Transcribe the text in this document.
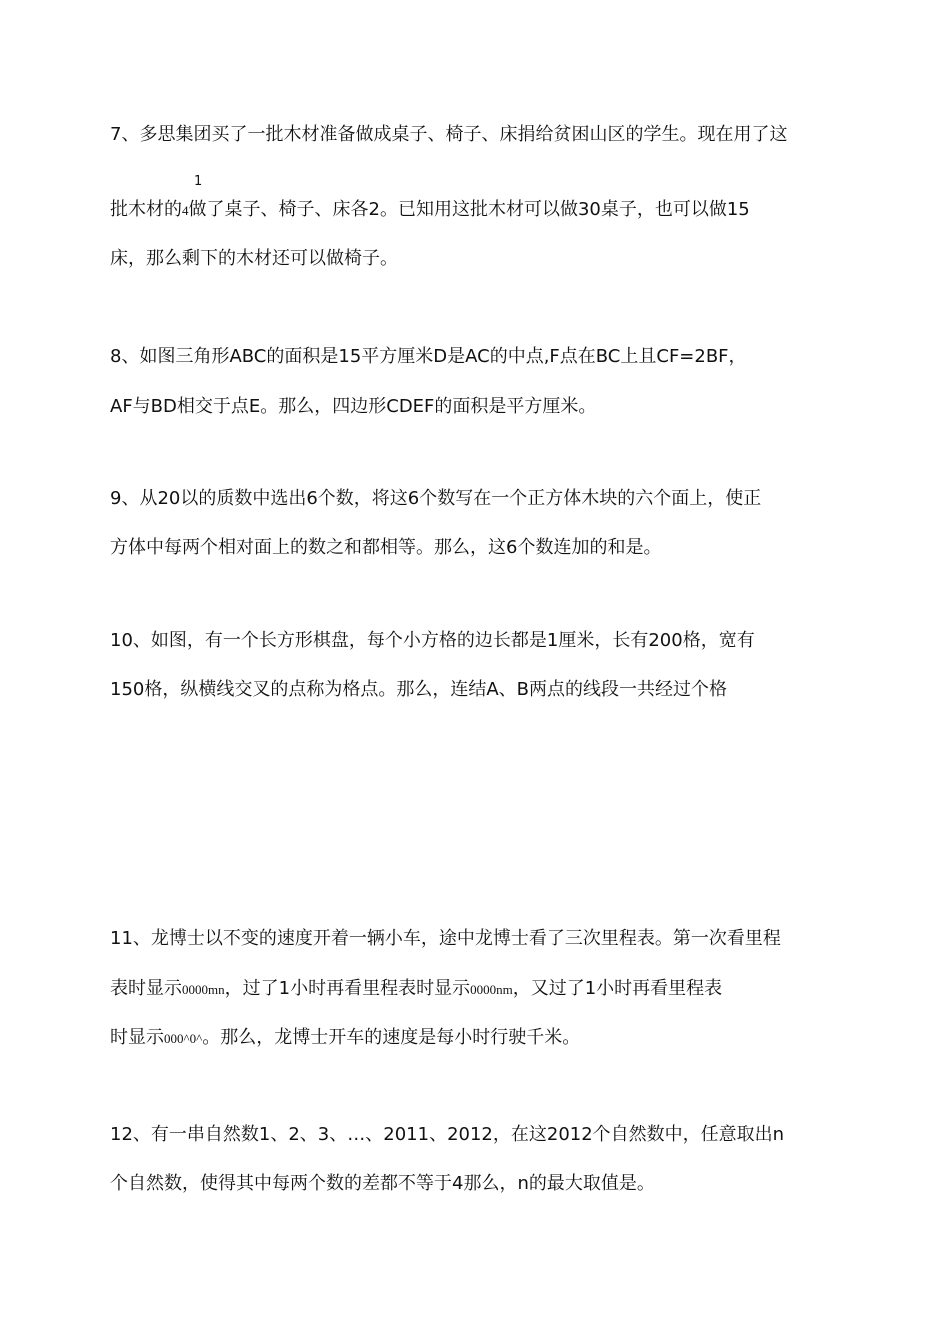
7、多思集团买了一批木材准备做成桌子、椅子、床捐给贫困山区的学生。现在用了这
1
批木材的4做了桌子、椅子、床各2。已知用这批木材可以做30桌子，也可以做15
床，那么剩下的木材还可以做椅子。
8、如图三角形ABC的面积是15平方厘米D是AC的中点,F点在BC上且CF=2BF，
AF与BD相交于点E。那么，四边形CDEF的面积是平方厘米。
9、从20以的质数中选出6个数，将这6个数写在一个正方体木块的六个面上，使正
方体中每两个相对面上的数之和都相等。那么，这6个数连加的和是。
10、如图，有一个长方形棋盘，每个小方格的边长都是1厘米，长有200格，宽有
150格，纵横线交叉的点称为格点。那么，连结A、B两点的线段一共经过个格
11、龙博士以不变的速度开着一辆小车，途中龙博士看了三次里程表。第一次看里程
表时显示0000mn，过了1小时再看里程表时显示0000nm，又过了1小时再看里程表
时显示000^0^。那么，龙博士开车的速度是每小时行驶千米。
12、有一串自然数1、2、3、…、2011、2012，在这2012个自然数中，任意取出n
个自然数，使得其中每两个数的差都不等于4那么，n的最大取值是。
